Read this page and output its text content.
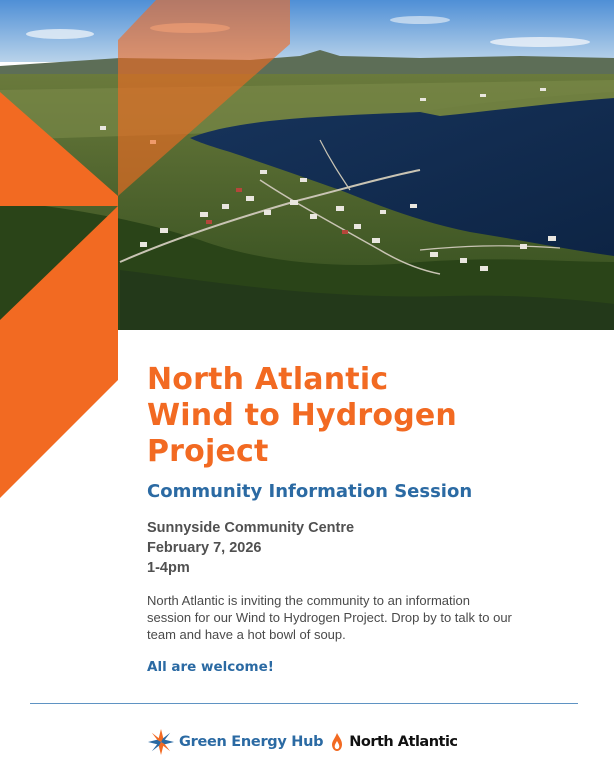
North Atlantic
Wind to Hydrogen
Project
Community Information Session
Sunnyside Community Centre
February 7, 2026
1-4pm

North Atlantic is inviting the community to an information session for our Wind to Hydrogen Project. Drop by to talk to our team and have a hot bowl of soup.

All are welcome!

Green Energy Hub North Atlantic
